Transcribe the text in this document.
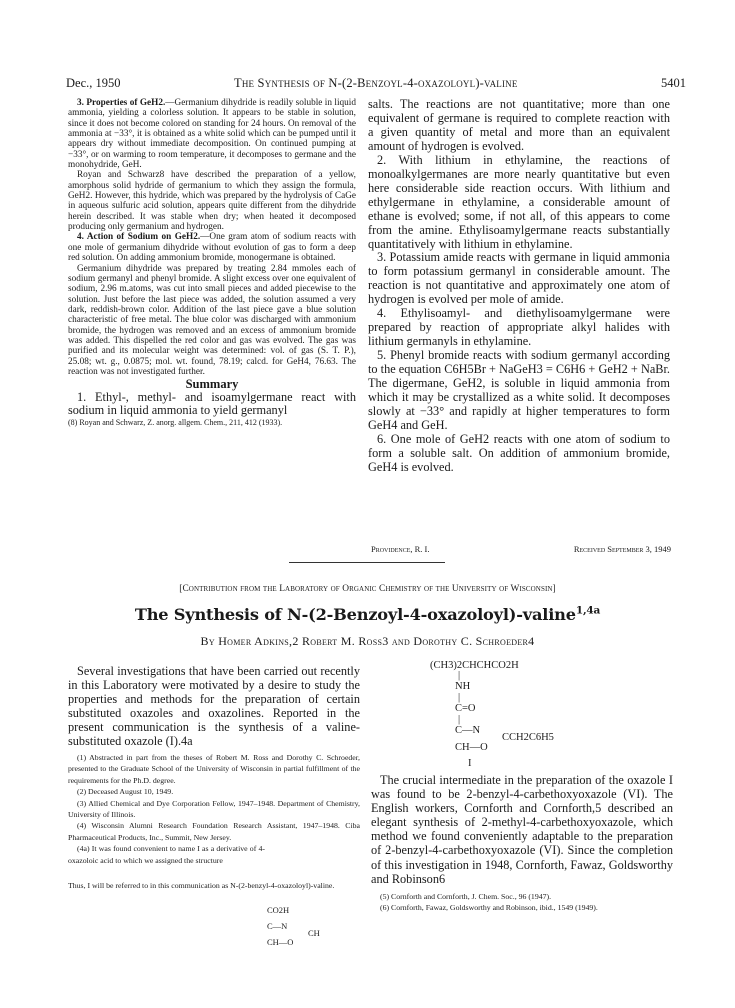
Dec., 1950	The Synthesis of N-(2-Benzoyl-4-oxazoloyl)-valine	5401

3. Properties of GeH2.—Germanium dihydride is readily soluble in liquid ammonia, yielding a colorless solution. It appears to be stable in solution, since it does not become colored on standing for 24 hours. On removal of the ammonia at −33°, it is obtained as a white solid which can be pumped until it appears dry without immediate decomposition. On continued pumping at −33°, or on warming to room temperature, it decomposes to germane and the monohydride, GeH.

Royan and Schwarz8 have described the preparation of a yellow, amorphous solid hydride of germanium to which they assign the formula, GeH2. However, this hydride, which was prepared by the hydrolysis of CaGe in aqueous sulfuric acid solution, appears quite different from the dihydride herein described. It was stable when dry; when heated it decomposed producing only germanium and hydrogen.

4. Action of Sodium on GeH2.—One gram atom of sodium reacts with one mole of germanium dihydride without evolution of gas to form a deep red solution. On adding ammonium bromide, monogermane is obtained.

Germanium dihydride was prepared by treating 2.84 mmoles each of sodium germanyl and phenyl bromide. A slight excess over one equivalent of sodium, 2.96 m.atoms, was cut into small pieces and added piecewise to the solution. Just before the last piece was added, the solution assumed a very dark, reddish-brown color. Addition of the last piece gave a blue solution characteristic of free metal. The blue color was discharged with ammonium bromide, the hydrogen was removed and an excess of ammonium bromide was added. This dispelled the red color and gas was evolved. The gas was purified and its molecular weight was determined: vol. of gas (S. T. P.), 25.08; wt. g., 0.0875; mol. wt. found, 78.19; calcd. for GeH4, 76.63. The reaction was not investigated further.

Summary

1. Ethyl-, methyl- and isoamylgermane react with sodium in liquid ammonia to yield germanyl

(8) Royan and Schwarz, Z. anorg. allgem. Chem., 211, 412 (1933).

salts. The reactions are not quantitative; more than one equivalent of germane is required to complete reaction with a given quantity of metal and more than an equivalent amount of hydrogen is evolved.

2. With lithium in ethylamine, the reactions of monoalkylgermanes are more nearly quantitative but even here considerable side reaction occurs. With lithium and ethylgermane in ethylamine, a considerable amount of ethane is evolved; some, if not all, of this appears to come from the amine. Ethylisoamylgermane reacts substantially quantitatively with lithium in ethylamine.

3. Potassium amide reacts with germane in liquid ammonia to form potassium germanyl in considerable amount. The reaction is not quantitative and approximately one atom of hydrogen is evolved per mole of amide.

4. Ethylisoamyl- and diethylisoamylgermane were prepared by reaction of appropriate alkyl halides with lithium germanyls in ethylamine.

5. Phenyl bromide reacts with sodium germanyl according to the equation C6H5Br + NaGeH3 = C6H6 + GeH2 + NaBr. The digermane, GeH2, is soluble in liquid ammonia from which it may be crystallized as a white solid. It decomposes slowly at −33° and rapidly at higher temperatures to form GeH4 and GeH.

6. One mole of GeH2 reacts with one atom of sodium to form a soluble salt. On addition of ammonium bromide, GeH4 is evolved.

Providence, R. I.	Received September 3, 1949
[Contribution from the Laboratory of Organic Chemistry of the University of Wisconsin]
The Synthesis of N-(2-Benzoyl-4-oxazoloyl)-valine$^{1,4a}$
By Homer Adkins,2 Robert M. Ross3 and Dorothy C. Schroeder4

Several investigations that have been carried out recently in this Laboratory were motivated by a desire to study the properties and methods for the preparation of certain substituted oxazoles and oxazolines. Reported in the present communication is the synthesis of a valine-substituted oxazole (I).4a

(1) Abstracted in part from the theses of Robert M. Ross and Dorothy C. Schroeder, presented to the Graduate School of the University of Wisconsin in partial fulfillment of the requirements for the Ph.D. degree.

(2) Deceased August 10, 1949.

(3) Allied Chemical and Dye Corporation Fellow, 1947–1948. Department of Chemistry, University of Illinois.

(4) Wisconsin Alumni Research Foundation Research Assistant, 1947–1948. Ciba Pharmaceutical Products, Inc., Summit, New Jersey.

(4a) It was found convenient to name I as a derivative of 4-oxazoloic acid to which we assigned the structure

Thus, I will be referred to in this communication as N-(2-benzyl-4-oxazoloyl)-valine.

CO2H
C—N
CH
CH—O
(CH3)2CHCHCO2H
|
NH
|
C=O
|
C—N
CCH2C6H5
CH—O
I

The crucial intermediate in the preparation of the oxazole I was found to be 2-benzyl-4-carbethoxyoxazole (VI). The English workers, Cornforth and Cornforth,5 described an elegant synthesis of 2-methyl-4-carbethoxyoxazole, which method we found conveniently adaptable to the preparation of 2-benzyl-4-carbethoxyoxazole (VI). Since the completion of this investigation in 1948, Cornforth, Fawaz, Goldsworthy and Robinson6

(5) Cornforth and Cornforth, J. Chem. Soc., 96 (1947).

(6) Cornforth, Fawaz, Goldsworthy and Robinson, ibid., 1549 (1949).
